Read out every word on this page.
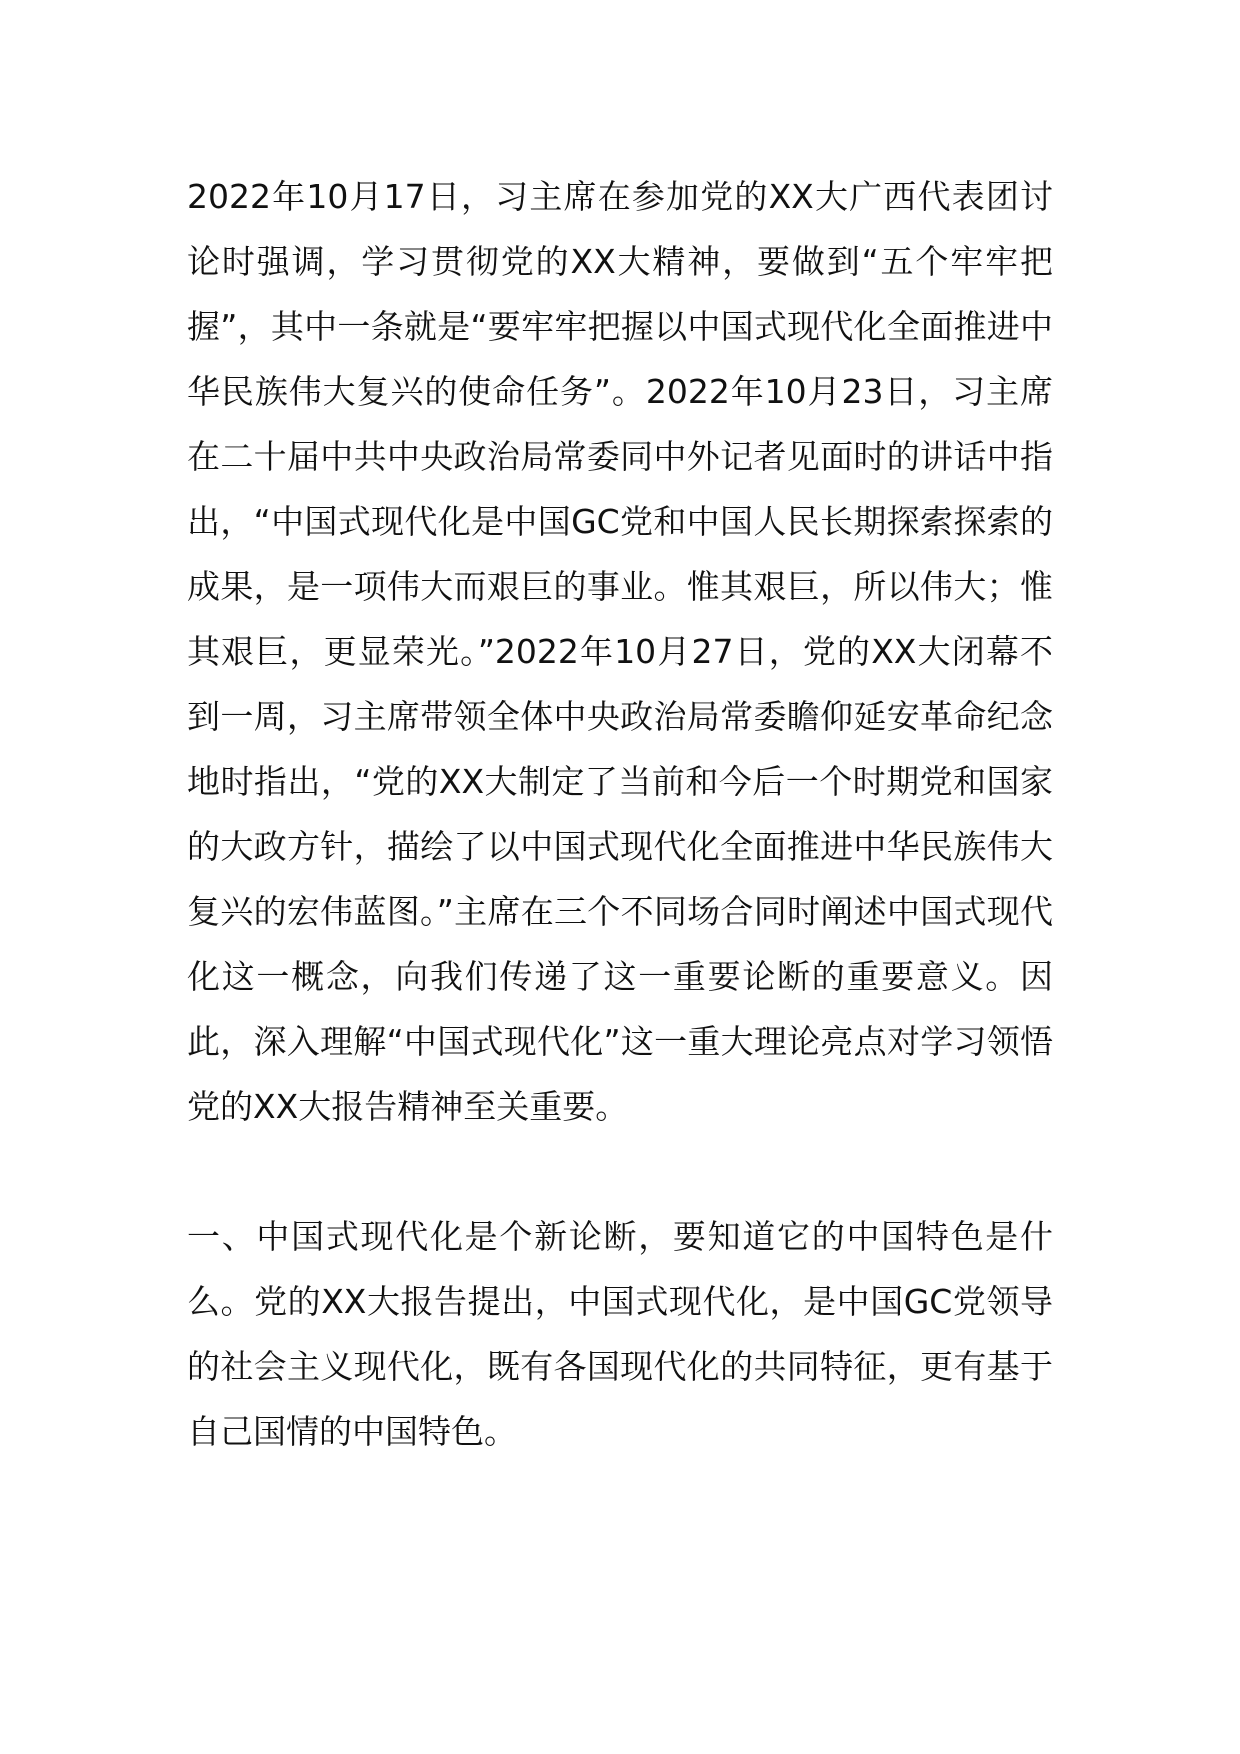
2022年10月17日，习主席在参加党的XX大广西代表团讨论时强调，学习贯彻党的XX大精神，要做到“五个牢牢把握”，其中一条就是“要牢牢把握以中国式现代化全面推进中华民族伟大复兴的使命任务”。2022年10月23日，习主席在二十届中共中央政治局常委同中外记者见面时的讲话中指出，“中国式现代化是中国GC党和中国人民长期探索探索的成果，是一项伟大而艰巨的事业。惟其艰巨，所以伟大；惟其艰巨，更显荣光。”2022年10月27日，党的XX大闭幕不到一周，习主席带领全体中央政治局常委瞻仰延安革命纪念地时指出，“党的XX大制定了当前和今后一个时期党和国家的大政方针，描绘了以中国式现代化全面推进中华民族伟大复兴的宏伟蓝图。”主席在三个不同场合同时阐述中国式现代化这一概念，向我们传递了这一重要论断的重要意义。因此，深入理解“中国式现代化”这一重大理论亮点对学习领悟党的XX大报告精神至关重要。

一、中国式现代化是个新论断，要知道它的中国特色是什么。党的XX大报告提出，中国式现代化，是中国GC党领导的社会主义现代化，既有各国现代化的共同特征，更有基于自己国情的中国特色。
